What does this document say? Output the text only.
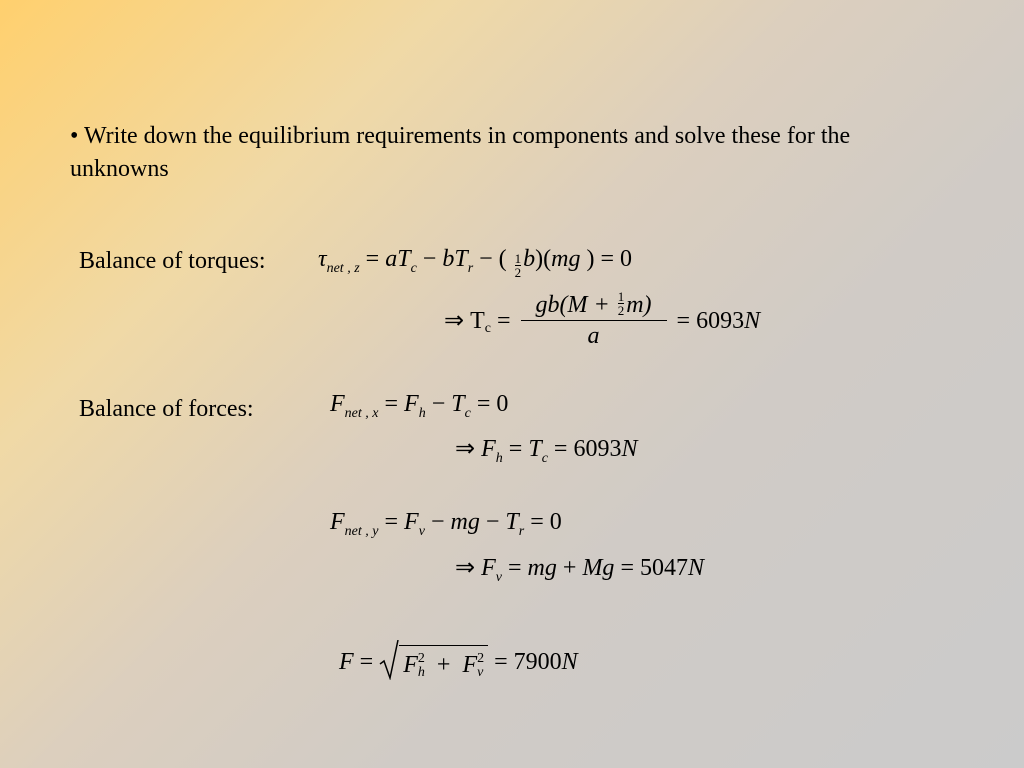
• Write down the equilibrium requirements in components and solve these for the unknowns
Balance of torques: τ net , z = a T c − bT r − ( $\frac{1}{2}$ b )( mg ) = 0
⇒ T c =
$gb(M + \frac{1}{2} m)$
a
= 6093 N
Balance of forces:	F net , x = F h − T c = 0
⇒ F h = T c = 6093 N
F net , y = F v − mg − T r = 0
⇒ F v = mg + Mg = 5047 N
F = F 2
h + F 2
v = 7900 N
